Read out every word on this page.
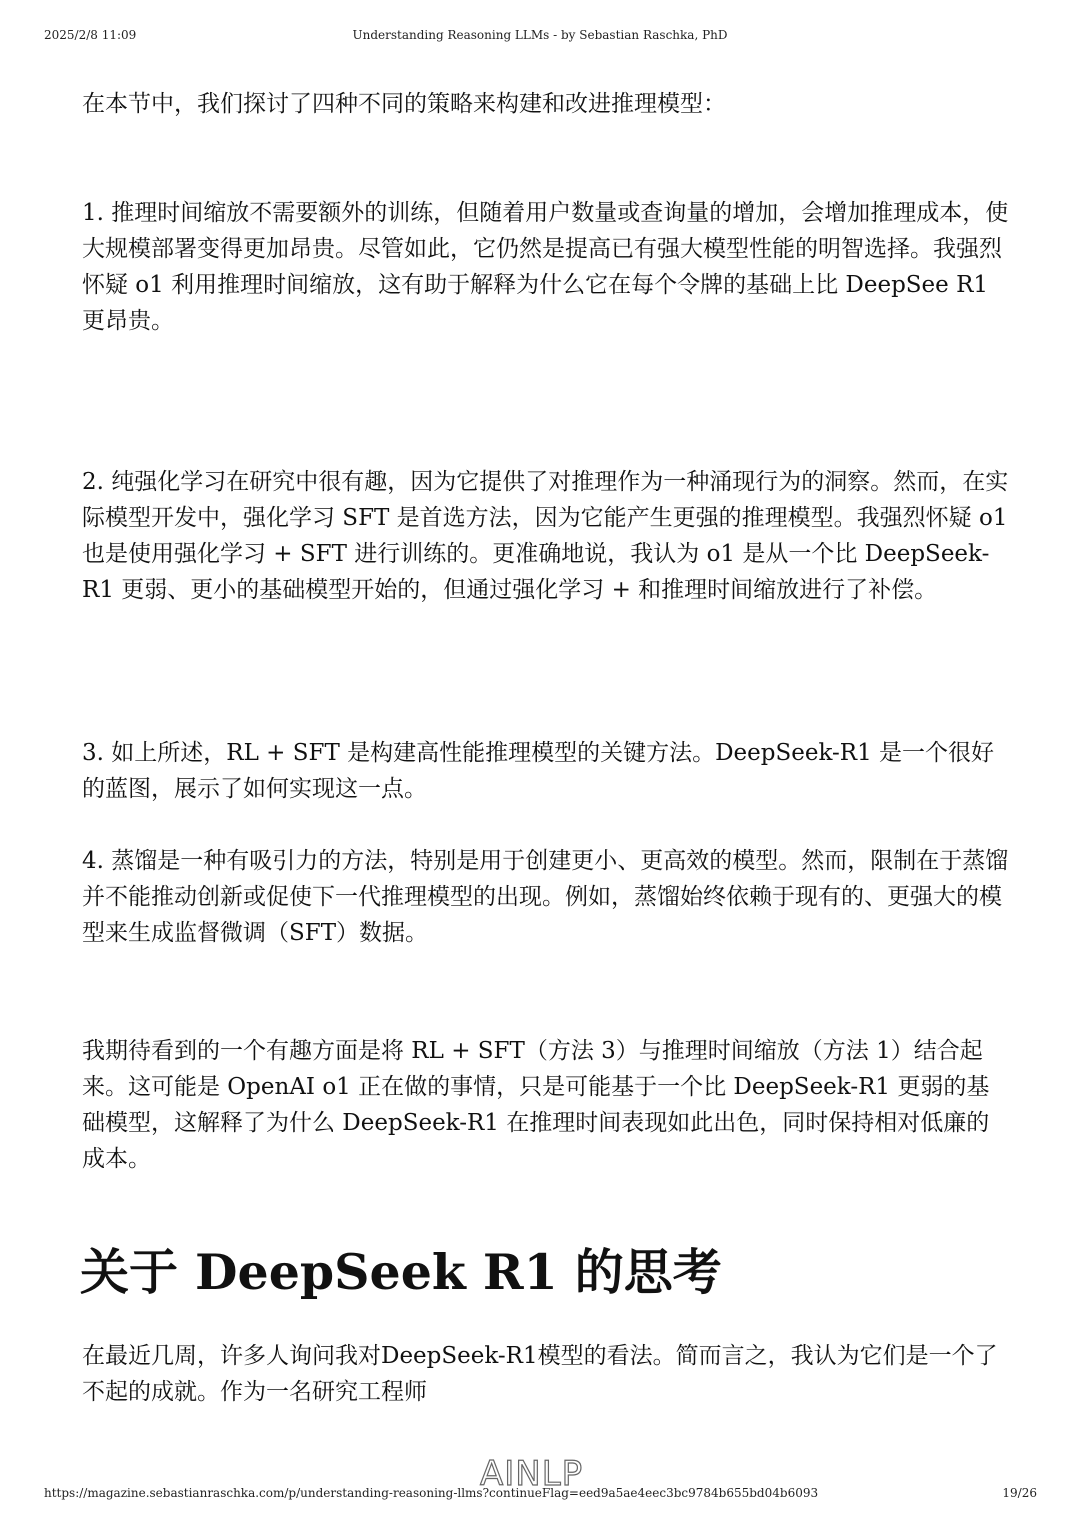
Understanding Reasoning LLMs - by Sebastian Raschka, PhD
2025/2/8 11:09

在本节中，我们探讨了四种不同的策略来构建和改进推理模型：

1. 推理时间缩放不需要额外的训练，但随着用户数量或查询量的增加，会增加推理成本，使大规模部署变得更加昂贵。尽管如此，它仍然是提高已有强大模型性能的明智选择。我强烈怀疑 o1 利用推理时间缩放，这有助于解释为什么它在每个令牌的基础上比 DeepSee R1 更昂贵。

2. 纯强化学习在研究中很有趣，因为它提供了对推理作为一种涌现行为的洞察。然而，在实际模型开发中，强化学习 SFT 是首选方法，因为它能产生更强的推理模型。我强烈怀疑 o1 也是使用强化学习 + SFT 进行训练的。更准确地说，我认为 o1 是从一个比 DeepSeek-R1 更弱、更小的基础模型开始的，但通过强化学习 + 和推理时间缩放进行了补偿。

3. 如上所述，RL + SFT 是构建高性能推理模型的关键方法。DeepSeek-R1 是一个很好的蓝图，展示了如何实现这一点。

4. 蒸馏是一种有吸引力的方法，特别是用于创建更小、更高效的模型。然而，限制在于蒸馏并不能推动创新或促使下一代推理模型的出现。例如，蒸馏始终依赖于现有的、更强大的模型来生成监督微调（SFT）数据。

我期待看到的一个有趣方面是将 RL + SFT（方法 3）与推理时间缩放（方法 1）结合起来。这可能是 OpenAI o1 正在做的事情，只是可能基于一个比 DeepSeek-R1 更弱的基础模型，这解释了为什么 DeepSeek-R1 在推理时间表现如此出色，同时保持相对低廉的成本。

关于 DeepSeek R1 的思考

在最近几周，许多人询问我对DeepSeek-R1模型的看法。简而言之，我认为它们是一个了不起的成就。作为一名研究工程师

AINLP
https://magazine.sebastianraschka.com/p/understanding-reasoning-llms?continueFlag=eed9a5ae4eec3bc9784b655bd04b6093	19/26
